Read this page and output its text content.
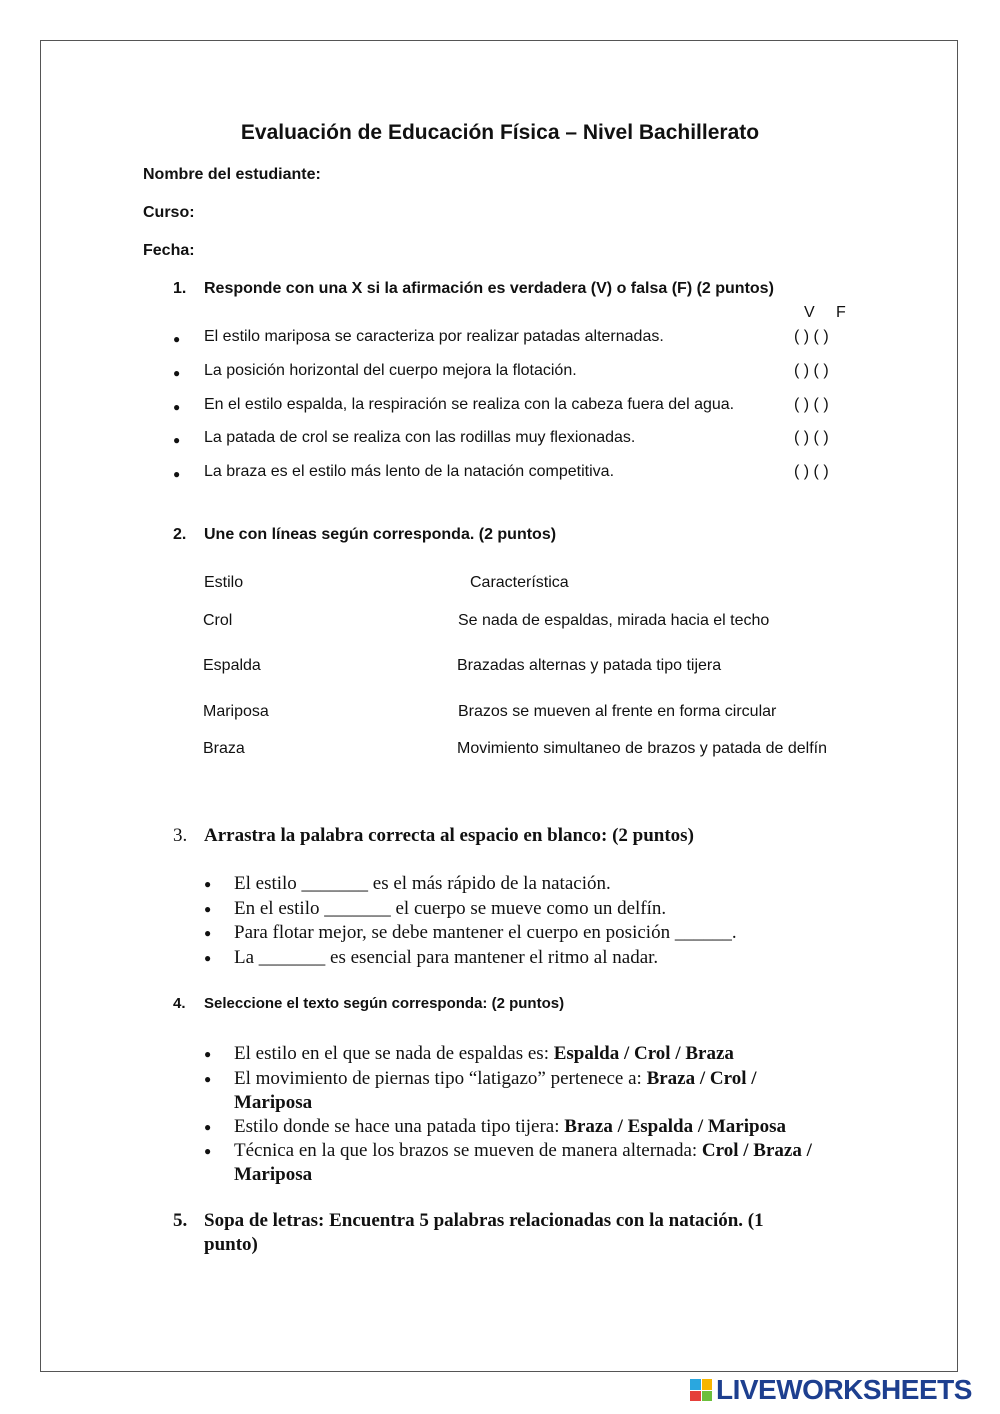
Evaluación de Educación Física – Nivel Bachillerato
Nombre del estudiante:
Curso:
Fecha:
1. Responde con una X si la afirmación es verdadera (V) o falsa (F) (2 puntos)
V F
● El estilo mariposa se caracteriza por realizar patadas alternadas.	( ) ( )
● La posición horizontal del cuerpo mejora la flotación.	( ) ( )
● En el estilo espalda, la respiración se realiza con la cabeza fuera del agua.	( ) ( )
● La patada de crol se realiza con las rodillas muy flexionadas.	( ) ( )
● La braza es el estilo más lento de la natación competitiva.	( ) ( )
2. Une con líneas según corresponda. (2 puntos)
Estilo	Característica
Crol	Se nada de espaldas, mirada hacia el techo
Espalda	Brazadas alternas y patada tipo tijera
Mariposa	Brazos se mueven al frente en forma circular
Braza	Movimiento simultaneo de brazos y patada de delfín
3. Arrastra la palabra correcta al espacio en blanco: (2 puntos)
● El estilo _______ es el más rápido de la natación.
● En el estilo _______ el cuerpo se mueve como un delfín.
● Para flotar mejor, se debe mantener el cuerpo en posición ______.
● La _______ es esencial para mantener el ritmo al nadar.
4. Seleccione el texto según corresponda: (2 puntos)
● El estilo en el que se nada de espaldas es: Espalda / Crol / Braza
● El movimiento de piernas tipo “latigazo” pertenece a: Braza / Crol /
Mariposa
● Estilo donde se hace una patada tipo tijera: Braza / Espalda / Mariposa
● Técnica en la que los brazos se mueven de manera alternada: Crol / Braza /
Mariposa
5. Sopa de letras: Encuentra 5 palabras relacionadas con la natación. (1
punto)
LIVEWORKSHEETS
